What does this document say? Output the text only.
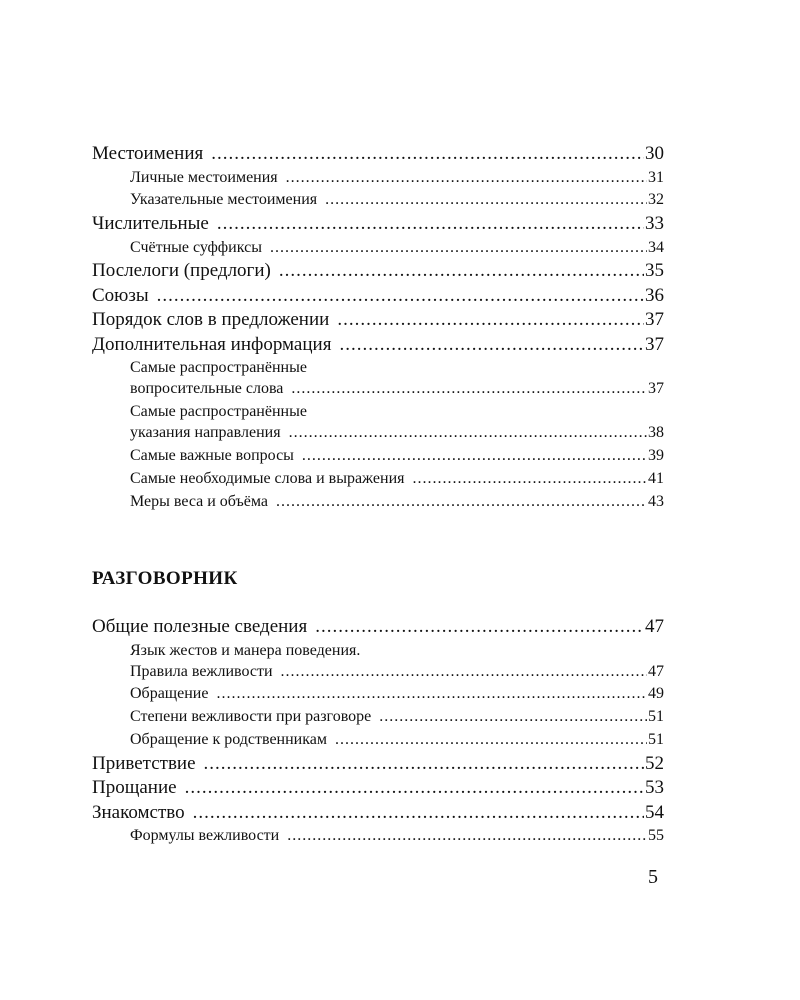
Местоимения .....	30
Личные местоимения .....	31
Указательные местоимения .....	32
Числительные .....	33
Счётные суффиксы .....	34
Послелоги (предлоги) .....	35
Союзы .....	36
Порядок слов в предложении .....	37
Дополнительная информация .....	37
Самые распространённые
вопросительные слова .....	37
Самые распространённые
указания направления .....	38
Самые важные вопросы .....	39
Самые необходимые слова и выражения .....	41
Меры веса и объёма .....	43
РАЗГОВОРНИК
Общие полезные сведения .....	47
Язык жестов и манера поведения.
Правила вежливости .....	47
Обращение .....	49
Степени вежливости при разговоре .....	51
Обращение к родственникам .....	51
Приветствие .....	52
Прощание .....	53
Знакомство .....	54
Формулы вежливости .....	55
5
